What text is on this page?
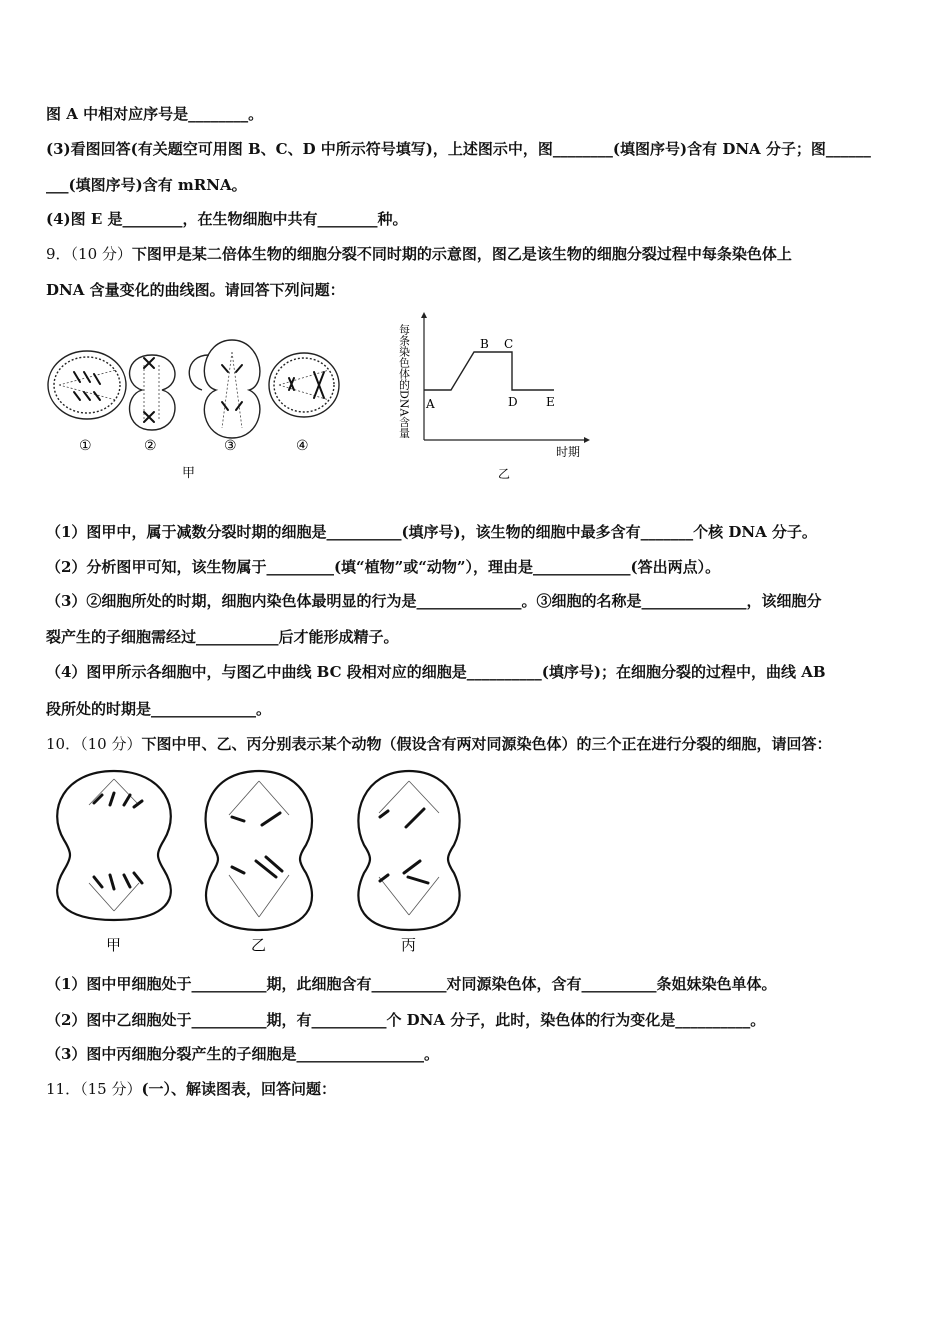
图 A 中相对应序号是________。
(3)看图回答(有关题空可用图 B、C、D 中所示符号填写)，上述图示中，图________(填图序号)含有 DNA 分子；图______
___(填图序号)含有 mRNA。
(4)图 E 是________，在生物细胞中共有________种。
9．（10 分）下图甲是某二倍体生物的细胞分裂不同时期的示意图，图乙是该生物的细胞分裂过程中每条染色体上
DNA 含量变化的曲线图。请回答下列问题：
①	②	③	④
甲
每条染色体的DNA含量
时期
A
B C
D E
乙
（1）图甲中，属于减数分裂时期的细胞是__________(填序号)，该生物的细胞中最多含有_______个核 DNA 分子。
（2）分析图甲可知，该生物属于_________(填“植物”或“动物”），理由是_____________(答出两点）。
（3）②细胞所处的时期，细胞内染色体最明显的行为是______________。③细胞的名称是______________，该细胞分
裂产生的子细胞需经过___________后才能形成精子。
（4）图甲所示各细胞中，与图乙中曲线 BC 段相对应的细胞是__________(填序号)；在细胞分裂的过程中，曲线 AB
段所处的时期是______________。
10．（10 分）下图中甲、乙、丙分别表示某个动物（假设含有两对同源染色体）的三个正在进行分裂的细胞，请回答：
甲	乙	丙
（1）图中甲细胞处于__________期，此细胞含有__________对同源染色体，含有__________条姐妹染色单体。
（2）图中乙细胞处于__________期，有__________个 DNA 分子，此时，染色体的行为变化是__________。
（3）图中丙细胞分裂产生的子细胞是_________________。
11．（15 分）(一）、解读图表，回答问题：
